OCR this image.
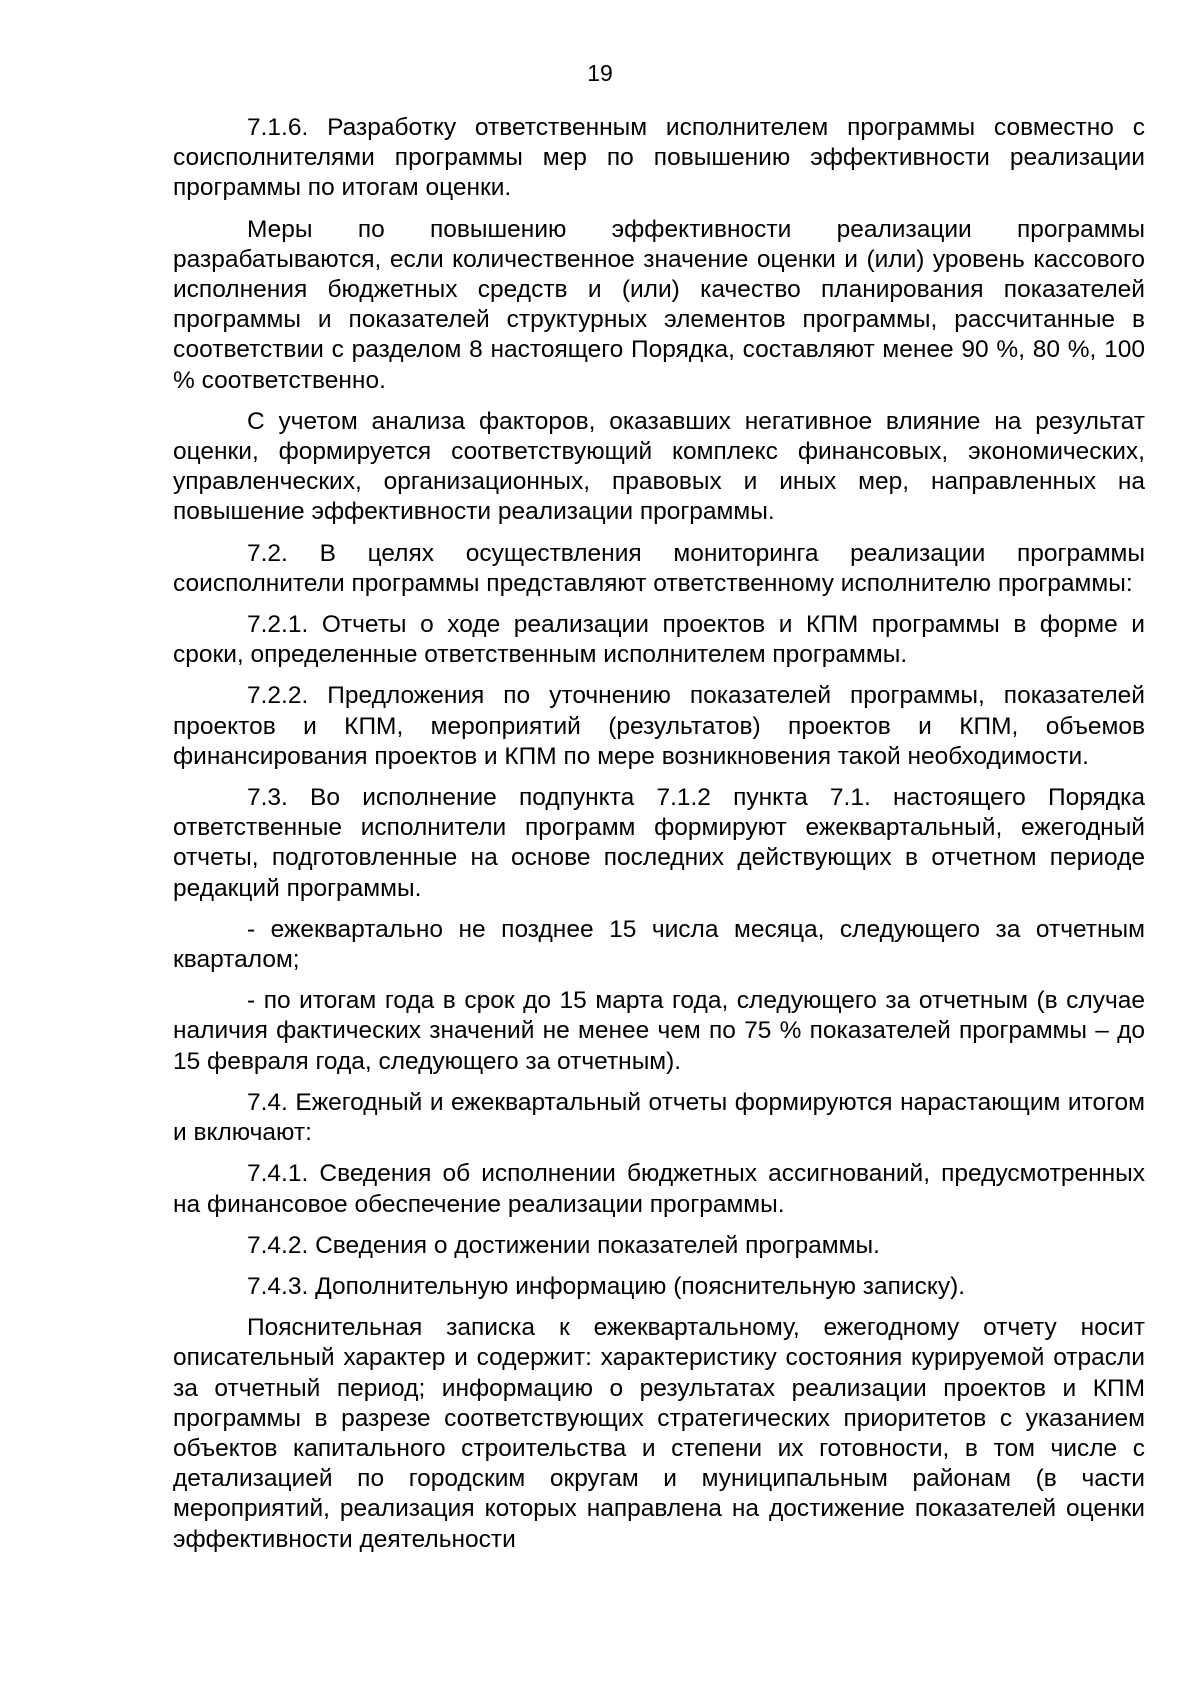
19

7.1.6. Разработку ответственным исполнителем программы совместно с соисполнителями программы мер по повышению эффективности реализации программы по итогам оценки.

Меры по повышению эффективности реализации программы разрабатываются, если количественное значение оценки и (или) уровень кассового исполнения бюджетных средств и (или) качество планирования показателей программы и показателей структурных элементов программы, рассчитанные в соответствии с разделом 8 настоящего Порядка, составляют менее 90 %, 80 %, 100 % соответственно.

С учетом анализа факторов, оказавших негативное влияние на результат оценки, формируется соответствующий комплекс финансовых, экономических, управленческих, организационных, правовых и иных мер, направленных на повышение эффективности реализации программы.

7.2. В целях осуществления мониторинга реализации программы соисполнители программы представляют ответственному исполнителю программы:

7.2.1. Отчеты о ходе реализации проектов и КПМ программы в форме и сроки, определенные ответственным исполнителем программы.

7.2.2. Предложения по уточнению показателей программы, показателей проектов и КПМ, мероприятий (результатов) проектов и КПМ, объемов финансирования проектов и КПМ по мере возникновения такой необходимости.

7.3. Во исполнение подпункта 7.1.2 пункта 7.1. настоящего Порядка ответственные исполнители программ формируют ежеквартальный, ежегодный отчеты, подготовленные на основе последних действующих в отчетном периоде редакций программы.

- ежеквартально не позднее 15 числа месяца, следующего за отчетным кварталом;

- по итогам года в срок до 15 марта года, следующего за отчетным (в случае наличия фактических значений не менее чем по 75 % показателей программы – до 15 февраля года, следующего за отчетным).

7.4. Ежегодный и ежеквартальный отчеты формируются нарастающим итогом и включают:

7.4.1. Сведения об исполнении бюджетных ассигнований, предусмотренных на финансовое обеспечение реализации программы.

7.4.2. Сведения о достижении показателей программы.

7.4.3. Дополнительную информацию (пояснительную записку).

Пояснительная записка к ежеквартальному, ежегодному отчету носит описательный характер и содержит: характеристику состояния курируемой отрасли за отчетный период; информацию о результатах реализации проектов и КПМ программы в разрезе соответствующих стратегических приоритетов с указанием объектов капитального строительства и степени их готовности, в том числе с детализацией по городским округам и муниципальным районам (в части мероприятий, реализация которых направлена на достижение показателей оценки эффективности деятельности
